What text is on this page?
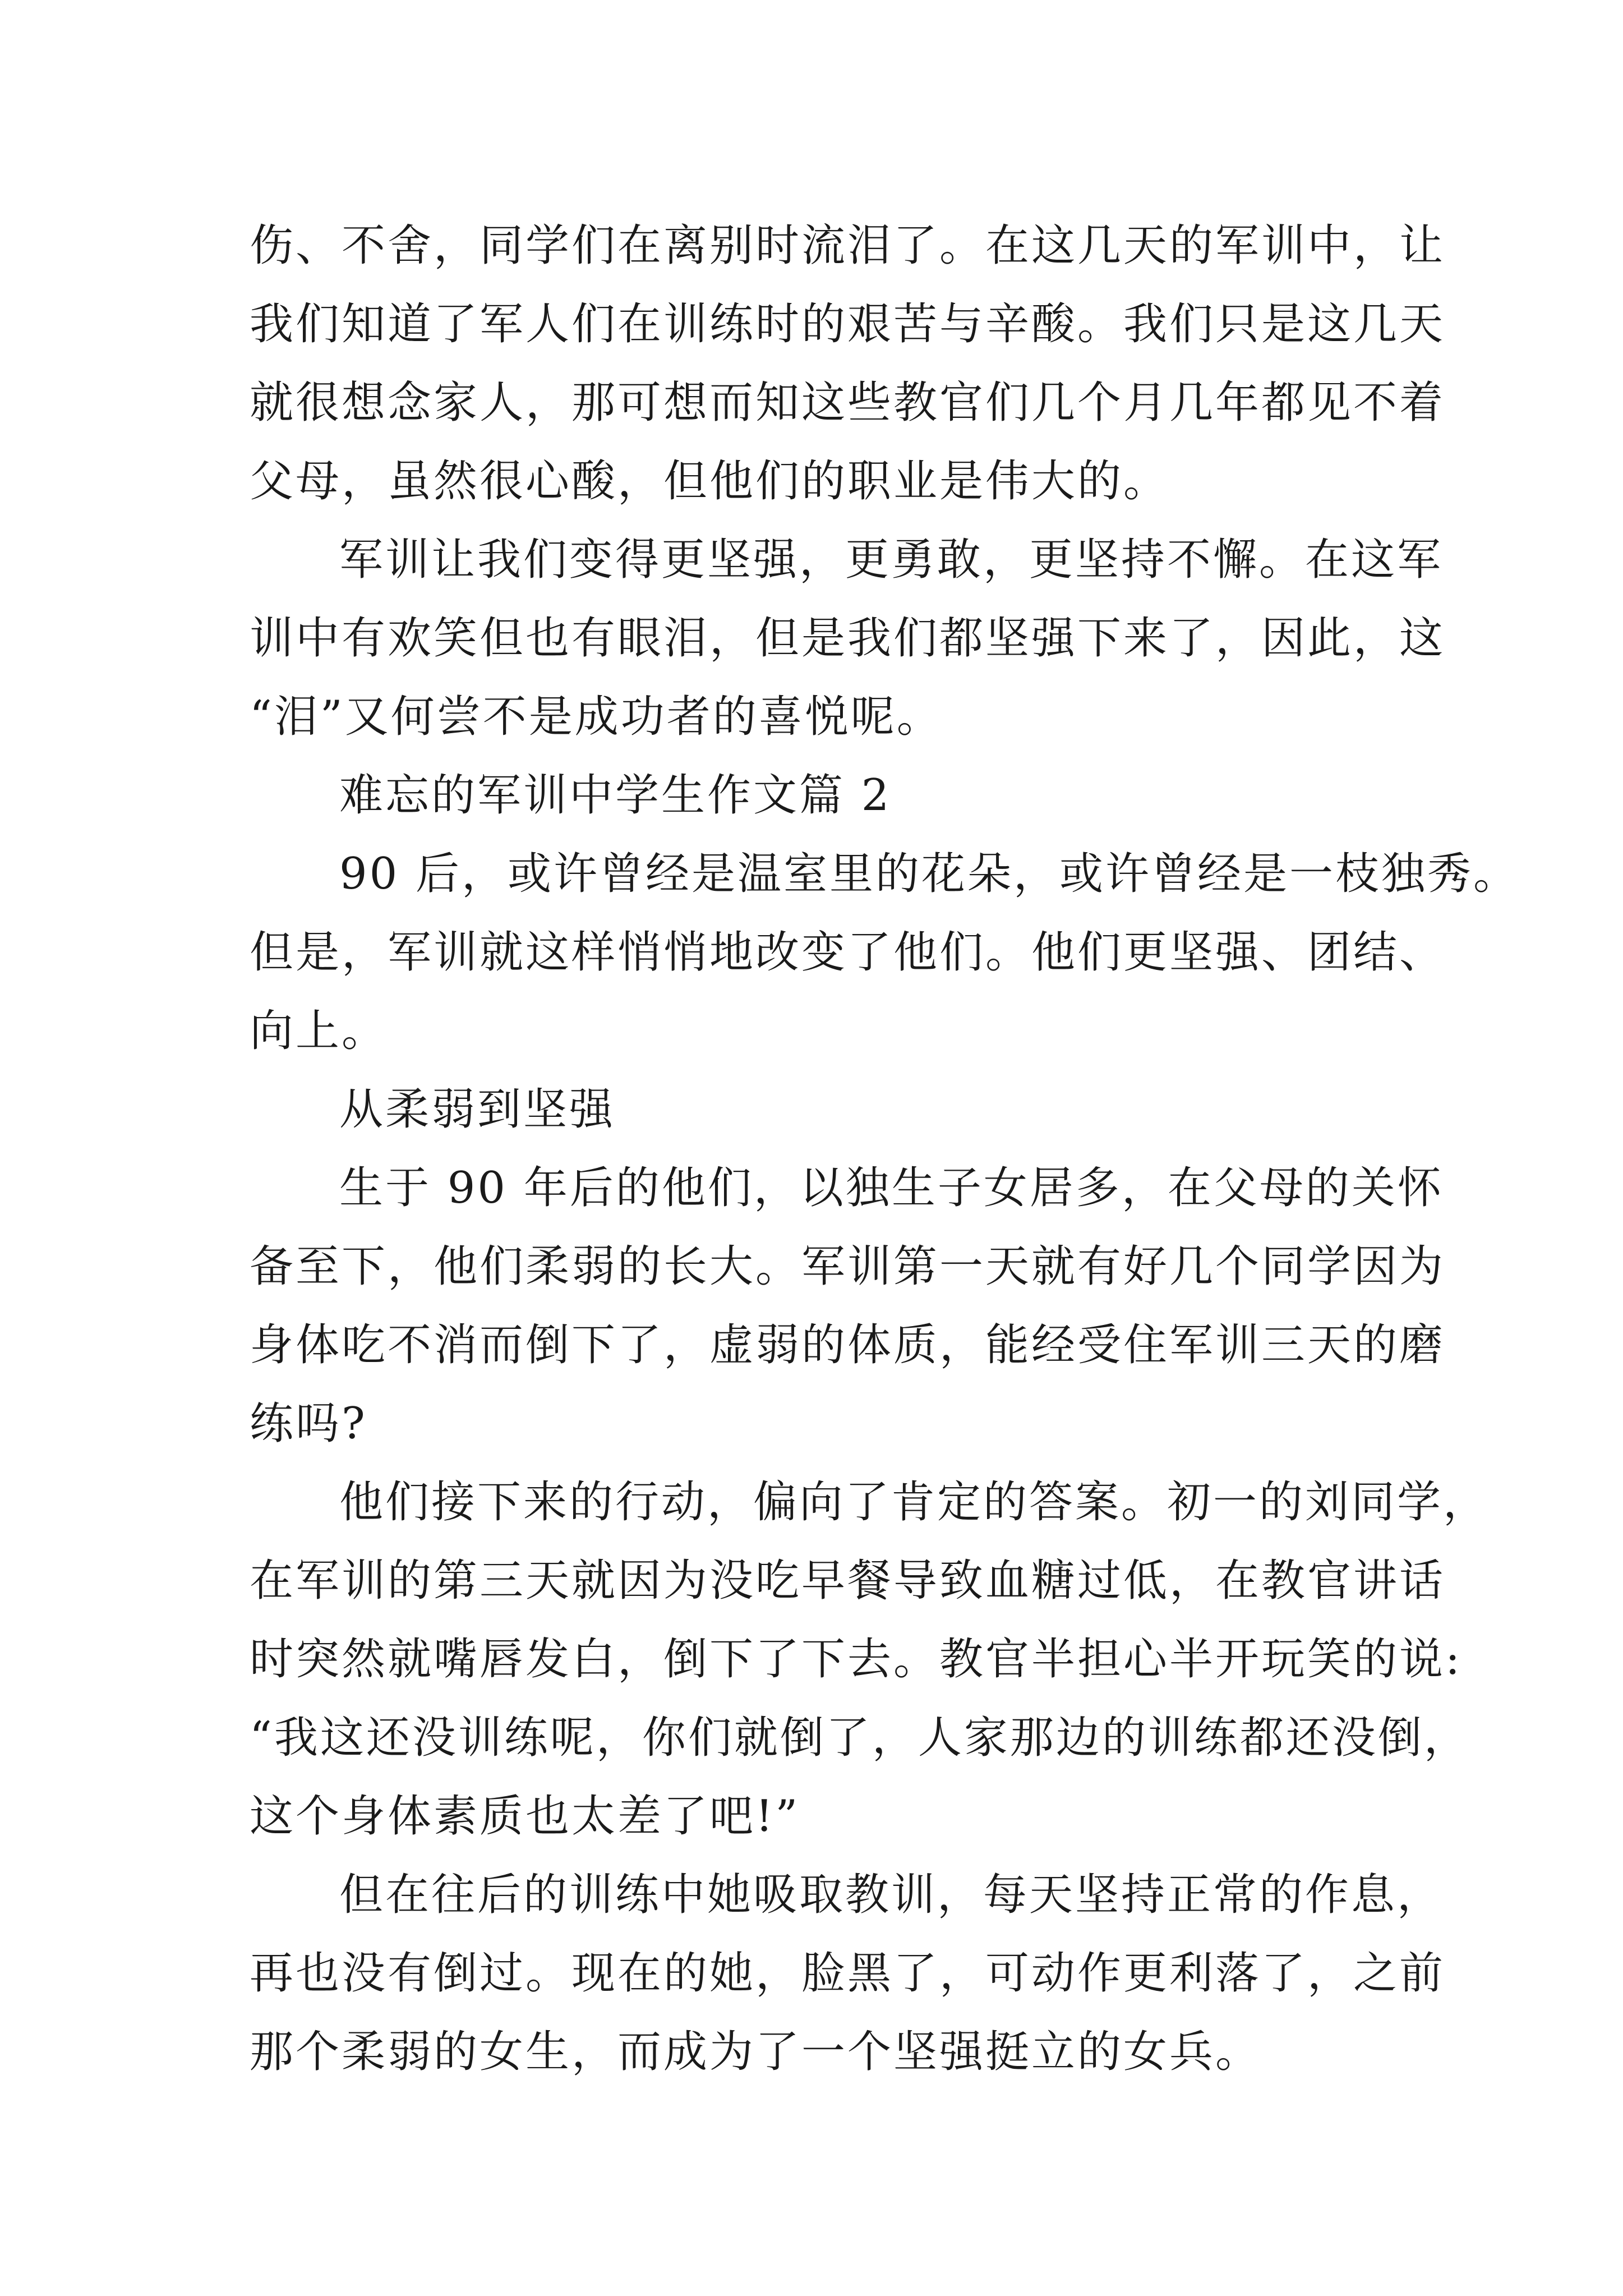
伤、不舍，同学们在离别时流泪了。在这几天的军训中，让
我们知道了军人们在训练时的艰苦与辛酸。我们只是这几天
就很想念家人，那可想而知这些教官们几个月几年都见不着
父母，虽然很心酸，但他们的职业是伟大的。
军训让我们变得更坚强，更勇敢，更坚持不懈。在这军
训中有欢笑但也有眼泪，但是我们都坚强下来了，因此，这
“泪”又何尝不是成功者的喜悦呢。
难忘的军训中学生作文篇 2
90 后，或许曾经是温室里的花朵，或许曾经是一枝独秀。
但是，军训就这样悄悄地改变了他们。他们更坚强、团结、
向上。
从柔弱到坚强
生于 90 年后的他们，以独生子女居多，在父母的关怀
备至下，他们柔弱的长大。军训第一天就有好几个同学因为
身体吃不消而倒下了，虚弱的体质，能经受住军训三天的磨
练吗?
他们接下来的行动，偏向了肯定的答案。初一的刘同学，
在军训的第三天就因为没吃早餐导致血糖过低，在教官讲话
时突然就嘴唇发白，倒下了下去。教官半担心半开玩笑的说:
“我这还没训练呢，你们就倒了，人家那边的训练都还没倒，
这个身体素质也太差了吧!”
但在往后的训练中她吸取教训，每天坚持正常的作息，
再也没有倒过。现在的她，脸黑了，可动作更利落了，之前
那个柔弱的女生，而成为了一个坚强挺立的女兵。
